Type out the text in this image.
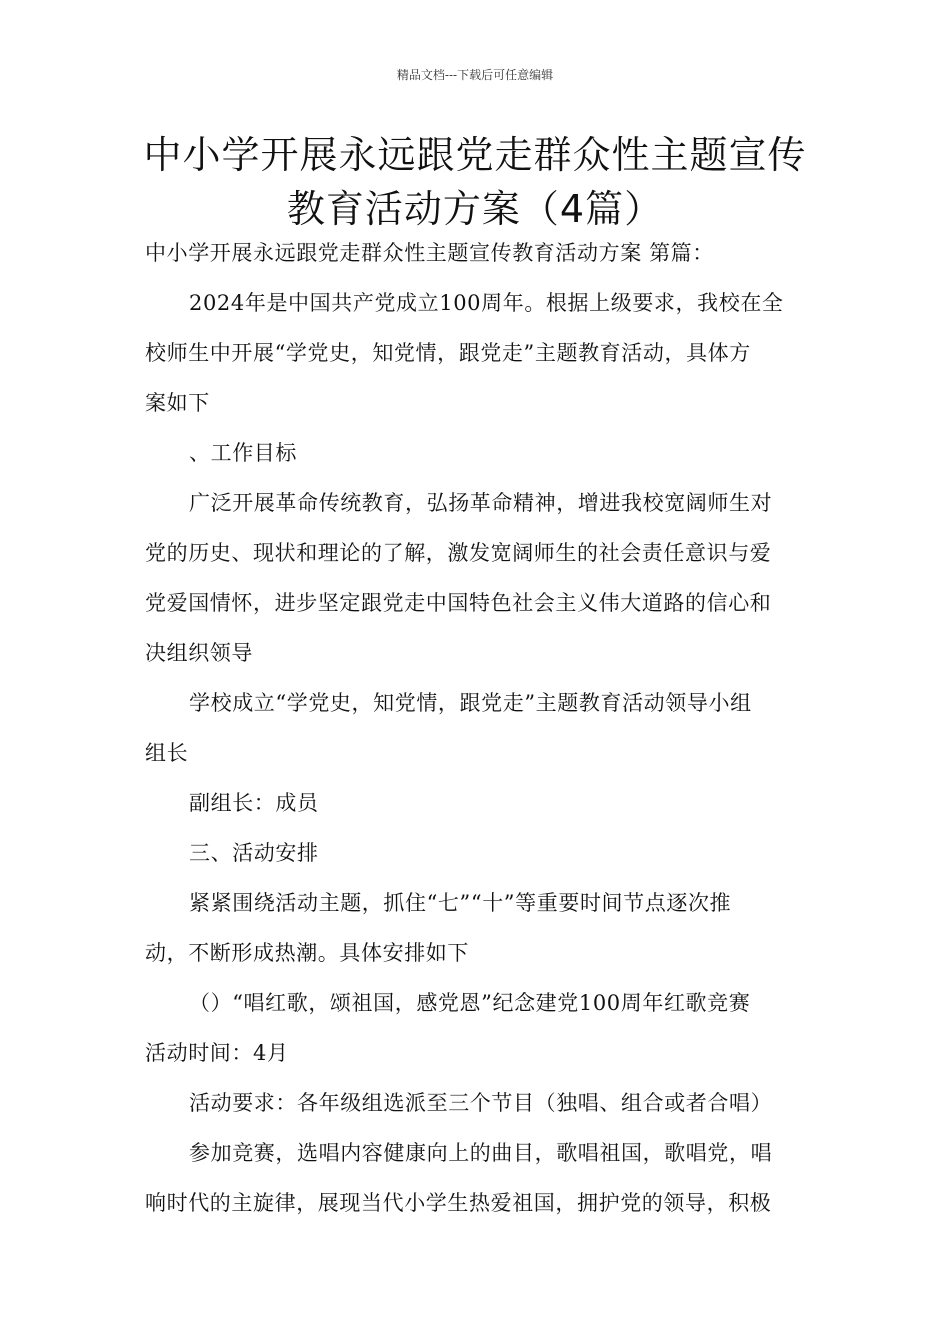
精品文档---下载后可任意编辑
中小学开展永远跟党走群众性主题宣传
教育活动方案（4篇）

中小学开展永远跟党走群众性主题宣传教育活动方案 第篇：

2024年是中国共产党成立100周年。根据上级要求，我校在全

校师生中开展“学党史，知党情，跟党走”主题教育活动，具体方

案如下

、工作目标

广泛开展革命传统教育，弘扬革命精神，增进我校宽阔师生对

党的历史、现状和理论的了解，激发宽阔师生的社会责任意识与爱

党爱国情怀，进步坚定跟党走中国特色社会主义伟大道路的信心和

决组织领导

学校成立“学党史，知党情，跟党走”主题教育活动领导小组

组长

副组长：成员

三、活动安排

紧紧围绕活动主题，抓住“七”“十”等重要时间节点逐次推

动，不断形成热潮。具体安排如下

（）“唱红歌，颂祖国，感党恩”纪念建党100周年红歌竞赛

活动时间：4月

活动要求：各年级组选派至三个节目（独唱、组合或者合唱）

参加竞赛，选唱内容健康向上的曲目，歌唱祖国，歌唱党，唱

响时代的主旋律，展现当代小学生热爱祖国，拥护党的领导，积极
